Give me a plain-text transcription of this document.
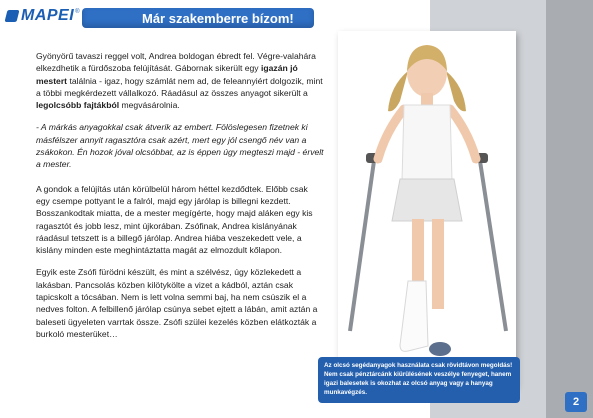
MAPEI ®	Már szakemberre bízom!

Gyönyörű tavaszi reggel volt, Andrea boldogan ébredt fel. Végre-valahára elkezdhetik a fürdőszoba felújítását. Gábornak sikerült egy igazán jó mestert találnia - igaz, hogy számlát nem ad, de feleannyiért dolgozik, mint a többi megkérdezett vállalkozó. Ráadásul az összes anyagot sikerült a legolcsóbb fajtákból megvásárolnia.

- A márkás anyagokkal csak átverik az embert. Fölöslegesen fizetnek ki másfélszer annyit ragasztóra csak azért, mert egy jól csengő név van a zsákokon. Én hozok jóval olcsóbbat, az is éppen úgy megteszi majd - érvelt a mester.

A gondok a felújítás után körülbelül három héttel kezdődtek. Előbb csak egy csempe pottyant le a falról, majd egy járólap is billegni kezdett. Bosszankodtak miatta, de a mester megígérte, hogy majd aláken egy kis ragasztót és jobb lesz, mint újkorában. Zsófinak, Andrea kislányának ráadásul tetszett is a billegő járólap. Andrea hiába veszekedett vele, a kislány minden este meghintáztatta magát az elmozdult kőlapon.

Egyik este Zsófi fürödni készült, és mint a szélvész, úgy közlekedett a lakásban. Pancsolás közben kilötykölte a vizet a kádból, aztán csak tapicskolt a tócsában. Nem is lett volna semmi baj, ha nem csúszik el a nedves folton. A felbillenő járólap csúnya sebet ejtett a lábán, amit aztán a baleseti ügyeleten varrtak össze. Zsófi szülei kezelés közben elátkozták a burkoló mesterüket…

Az olcsó segédanyagok használata csak rövidtávon megoldás! Nem csak pénztárcánk kiürülésének veszélye fenyeget, hanem igazi balesetek is okozhat az olcsó anyag vagy a hanyag munkavégzés.
2
